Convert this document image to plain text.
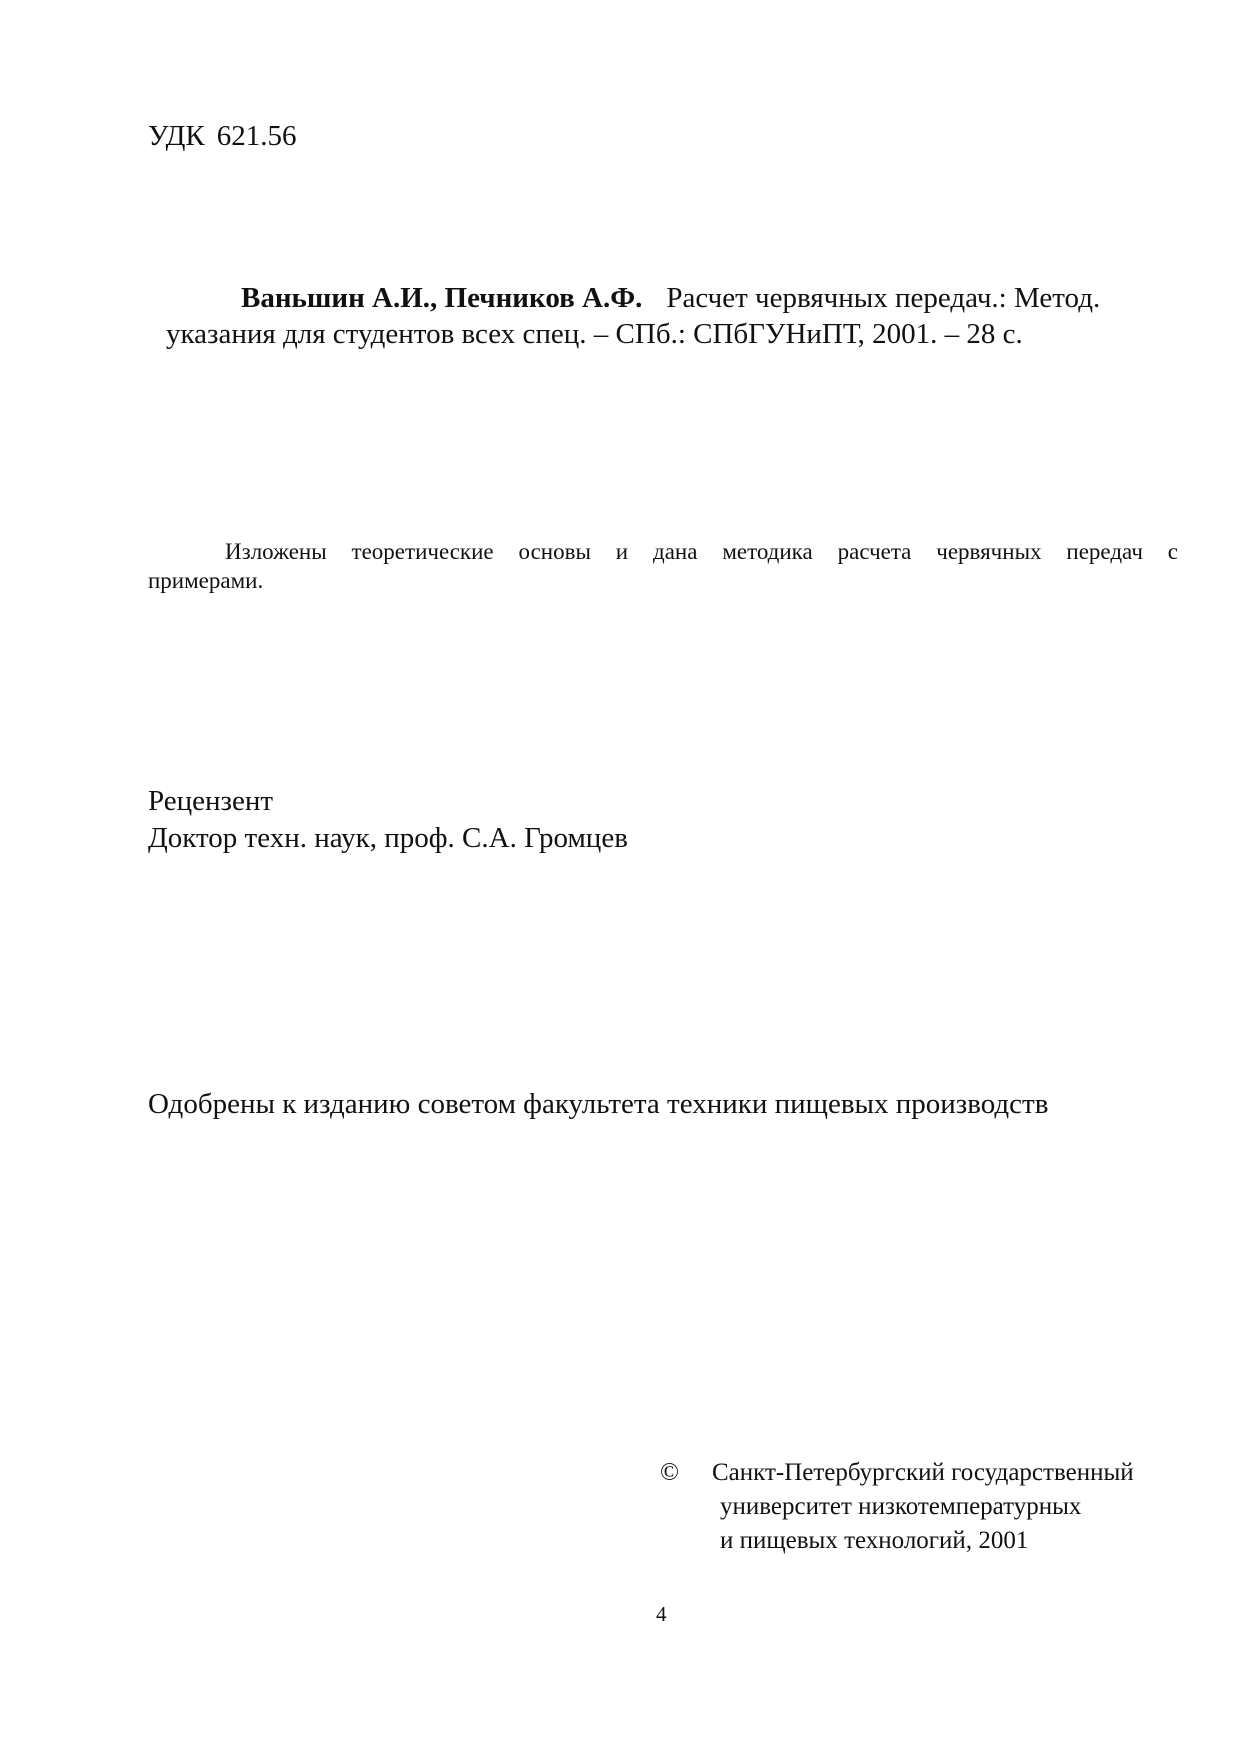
УДК 621.56
Ваньшин А.И., Печников А.Ф. Расчет червячных передач.: Метод.
указания для студентов всех спец. – СПб.: СПбГУНиПТ, 2001. – 28 с.
Изложены теоретические основы и дана методика расчета червячных передач с
примерами.
Рецензент
Доктор техн. наук, проф. С.А. Громцев
Одобрены к изданию советом факультета техники пищевых производств
© Санкт-Петербургский государственный
университет низкотемпературных
и пищевых технологий, 2001
4
